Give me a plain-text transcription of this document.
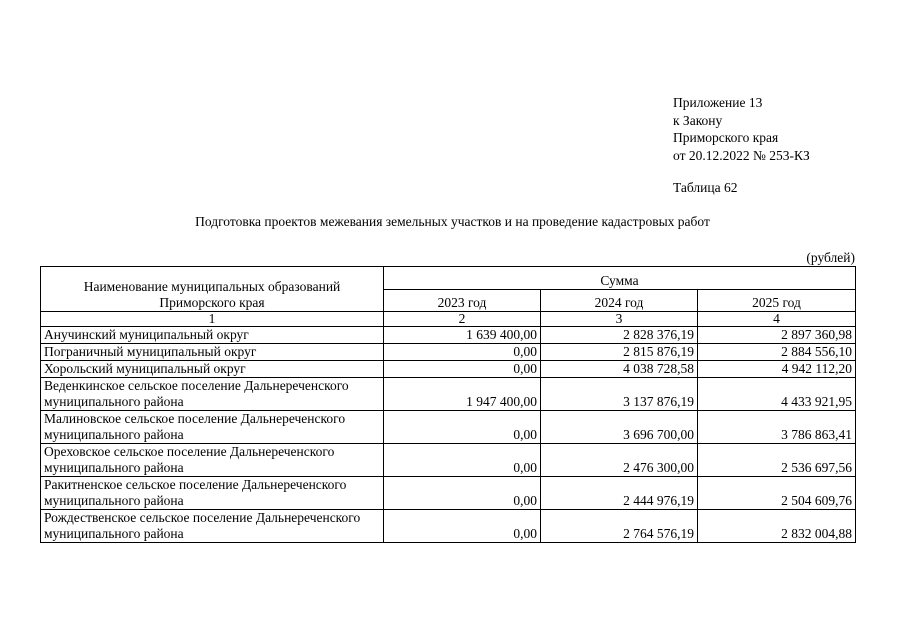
Приложение 13
к Закону
Приморского края
от 20.12.2022 № 253-КЗ
Таблица 62
Подготовка проектов межевания земельных участков и на проведение кадастровых работ
(рублей)
Наименование муниципальных образований Приморского края	Сумма		
	2023 год	2024 год	2025 год
1	2	3	4
Анучинский муниципальный округ	1 639 400,00	2 828 376,19	2 897 360,98
Пограничный муниципальный округ	0,00	2 815 876,19	2 884 556,10
Хорольский муниципальный округ	0,00	4 038 728,58	4 942 112,20
Веденкинское сельское поселение Дальнереченского муниципального района	1 947 400,00	3 137 876,19	4 433 921,95
Малиновское сельское поселение Дальнереченского муниципального района	0,00	3 696 700,00	3 786 863,41
Ореховское сельское поселение Дальнереченского муниципального района	0,00	2 476 300,00	2 536 697,56
Ракитненское сельское поселение Дальнереченского муниципального района	0,00	2 444 976,19	2 504 609,76
Рождественское сельское поселение Дальнереченского муниципального района	0,00	2 764 576,19	2 832 004,88
